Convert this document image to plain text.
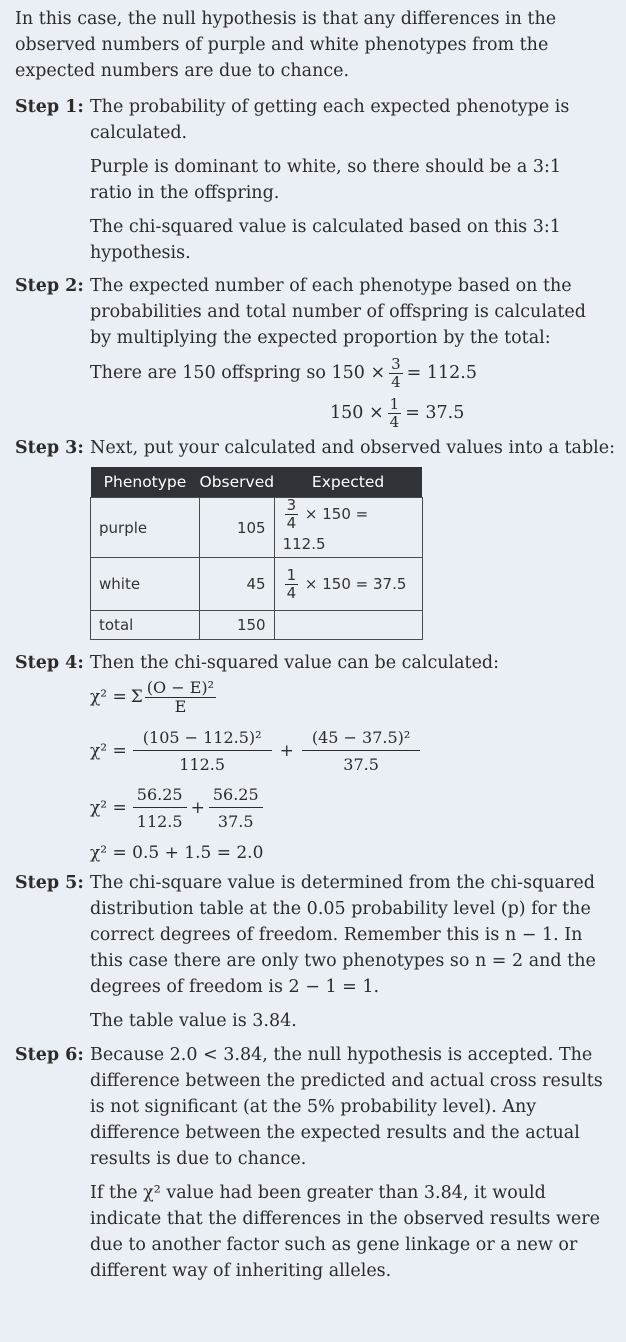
In this case, the null hypothesis is that any differences in the observed numbers of purple and white phenotypes from the expected numbers are due to chance.

Step 1: The probability of getting each expected phenotype is calculated.

Purple is dominant to white, so there should be a 3:1 ratio in the offspring.

The chi-squared value is calculated based on this 3:1 hypothesis.

Step 2: The expected number of each phenotype based on the probabilities and total number of offspring is calculated by multiplying the expected proportion by the total:

There are 150 offspring so $150 \times \frac{3}{4} = 112.5$
$150 \times \frac{1}{4} = 37.5$
Step 3: Next, put your calculated and observed values into a table:

Phenotype	Observed	Expected
purple	105	$\frac{3}{4} \times 150 = 112.5$
white	45	$\frac{1}{4} \times 150 = 37.5$
total	150	
Step 4: Then the chi-squared value can be calculated:

χ² = Σ $\frac{\text{(O − E)²}}{E}$
$\chi^2 = \frac{\text{(105 − 112.5)²}}{112.5} + \frac{\text{(45 − 37.5)²}}{37.5}$
$\chi^2 = \frac{56.25}{112.5} + \frac{56.25}{37.5}$

χ² = 0.5 + 1.5 = 2.0

Step 5: The chi-square value is determined from the chi-squared distribution table at the 0.05 probability level (p) for the correct degrees of freedom. Remember this is n − 1. In this case there are only two phenotypes so n = 2 and the degrees of freedom is 2 − 1 = 1.

The table value is 3.84.

Step 6: Because 2.0 < 3.84, the null hypothesis is accepted. The difference between the predicted and actual cross results is not significant (at the 5% probability level). Any difference between the expected results and the actual results is due to chance.

If the χ² value had been greater than 3.84, it would indicate that the differences in the observed results were due to another factor such as gene linkage or a new or different way of inheriting alleles.
